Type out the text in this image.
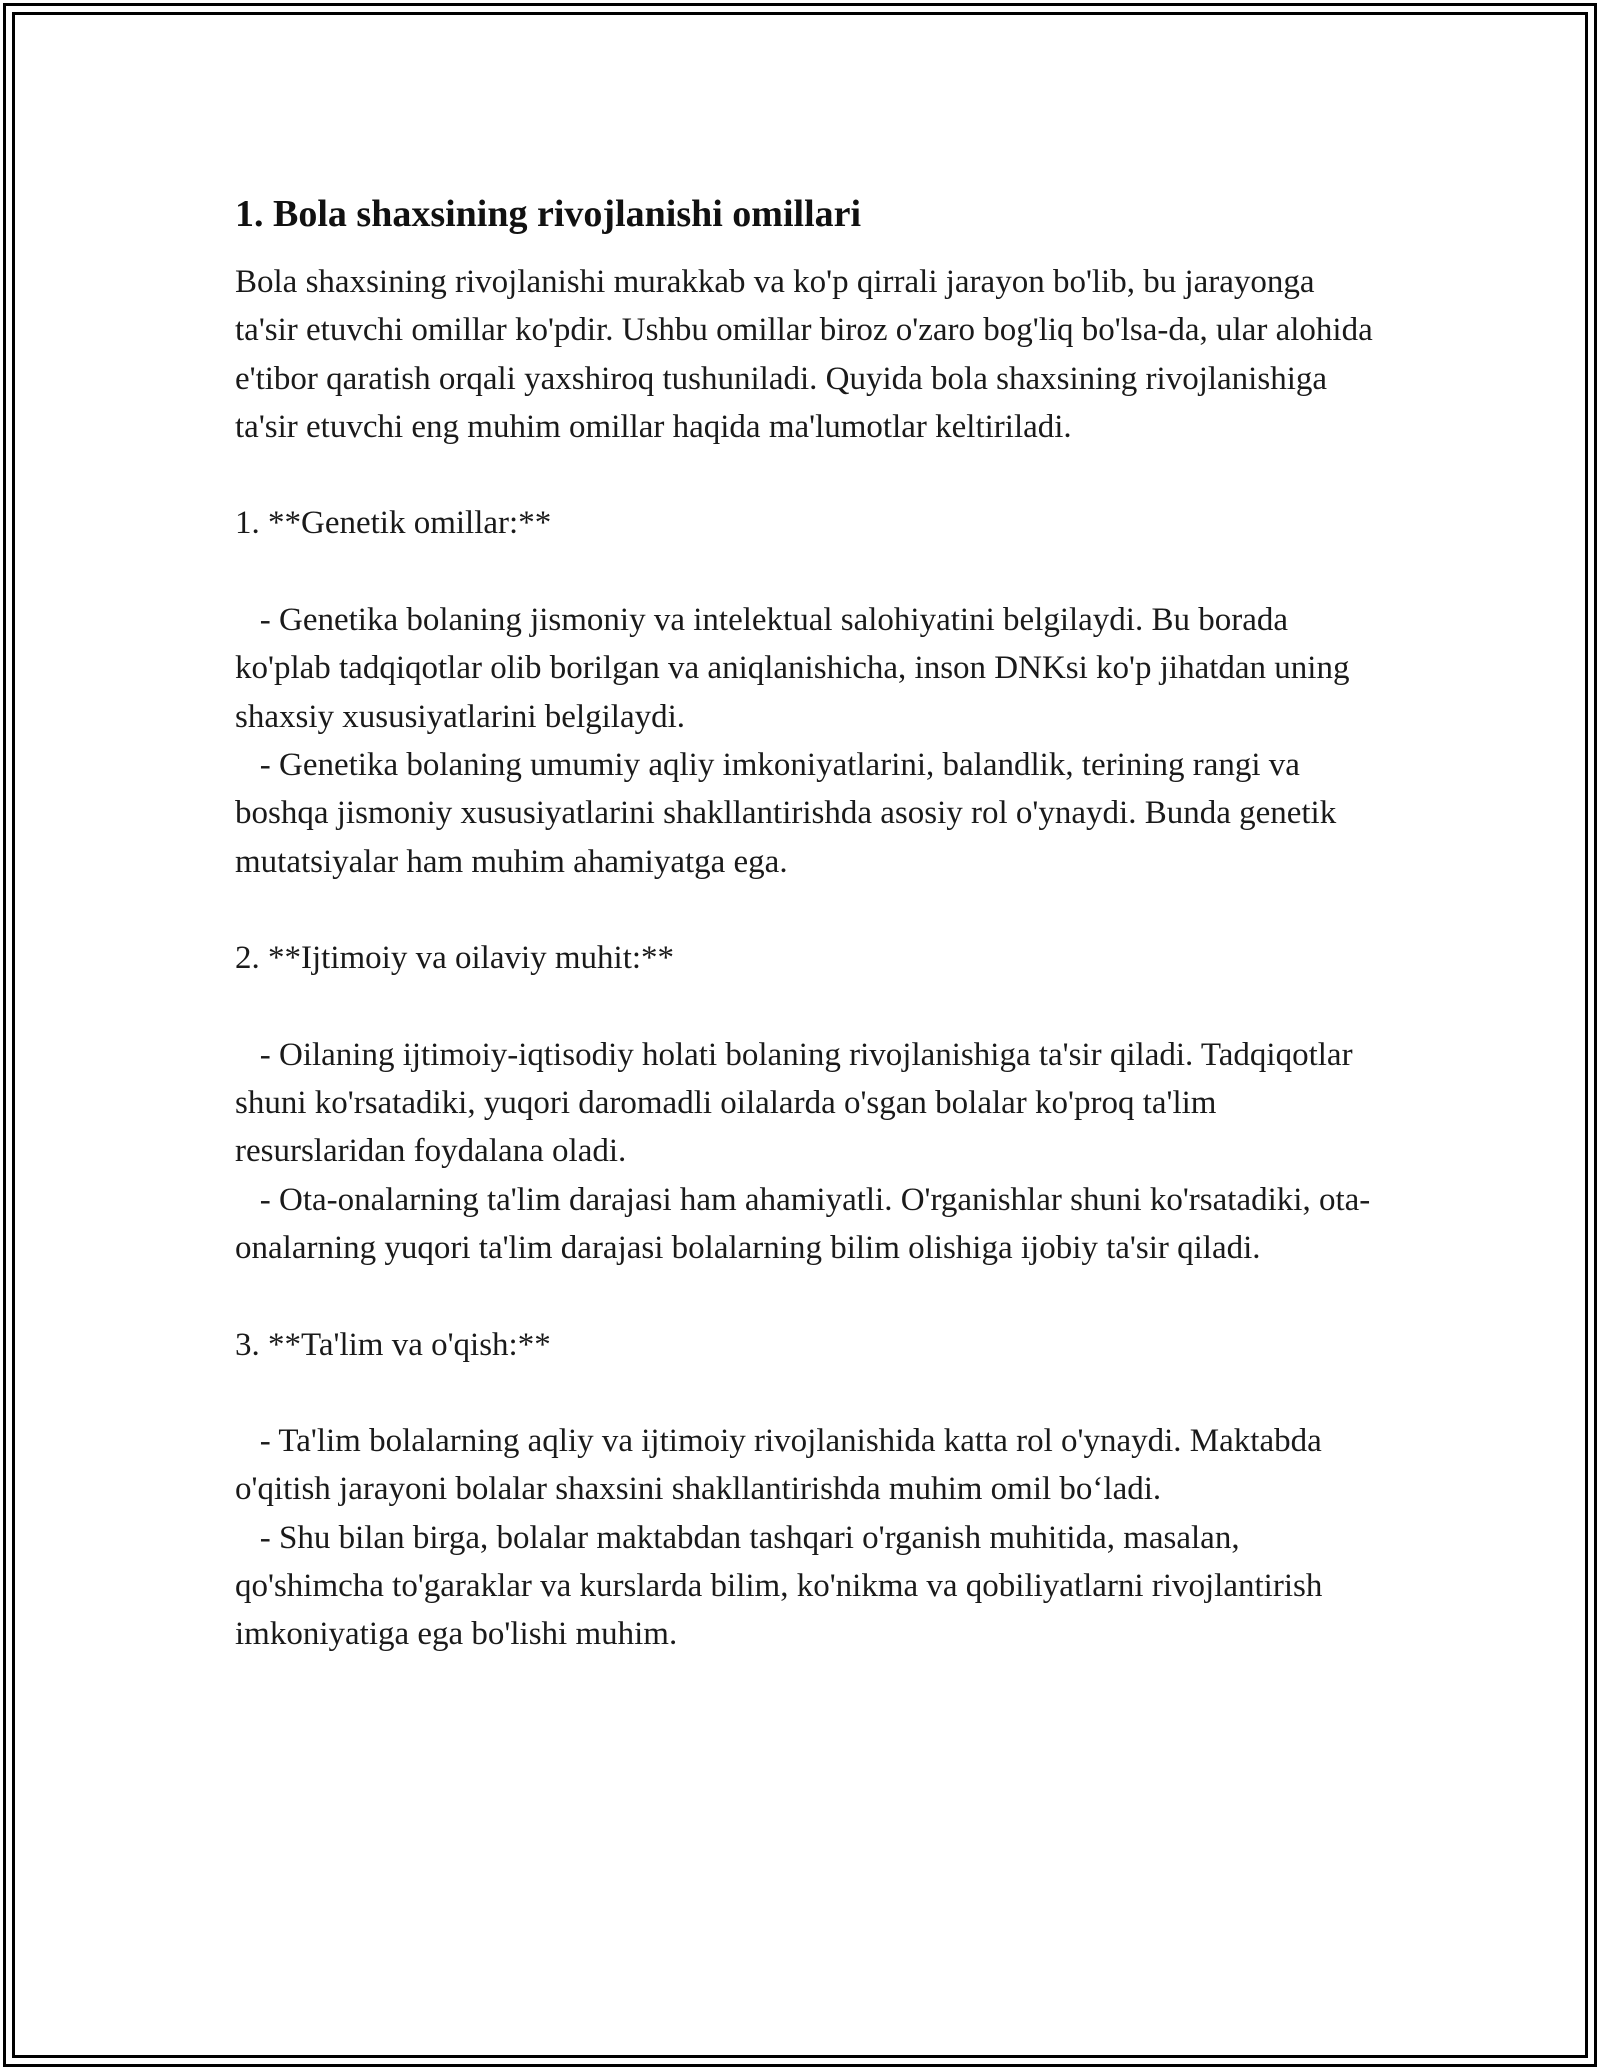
1. Bola shaxsining rivojlanishi omillari

Bola shaxsining rivojlanishi murakkab va ko'p qirrali jarayon bo'lib, bu jarayonga ta'sir etuvchi omillar ko'pdir. Ushbu omillar biroz o'zaro bog'liq bo'lsa-da, ular alohida e'tibor qaratish orqali yaxshiroq tushuniladi. Quyida bola shaxsining rivojlanishiga ta'sir etuvchi eng muhim omillar haqida ma'lumotlar keltiriladi.

1. **Genetik omillar:**

- Genetika bolaning jismoniy va intelektual salohiyatini belgilaydi. Bu borada ko'plab tadqiqotlar olib borilgan va aniqlanishicha, inson DNKsi ko'p jihatdan uning shaxsiy xususiyatlarini belgilaydi.
- Genetika bolaning umumiy aqliy imkoniyatlarini, balandlik, terining rangi va boshqa jismoniy xususiyatlarini shakllantirishda asosiy rol o'ynaydi. Bunda genetik mutatsiyalar ham muhim ahamiyatga ega.

2. **Ijtimoiy va oilaviy muhit:**

- Oilaning ijtimoiy-iqtisodiy holati bolaning rivojlanishiga ta'sir qiladi. Tadqiqotlar shuni ko'rsatadiki, yuqori daromadli oilalarda o'sgan bolalar ko'proq ta'lim resurslaridan foydalana oladi.
- Ota-onalarning ta'lim darajasi ham ahamiyatli. O'rganishlar shuni ko'rsatadiki, ota-onalarning yuqori ta'lim darajasi bolalarning bilim olishiga ijobiy ta'sir qiladi.

3. **Ta'lim va o'qish:**

- Ta'lim bolalarning aqliy va ijtimoiy rivojlanishida katta rol o'ynaydi. Maktabda o'qitish jarayoni bolalar shaxsini shakllantirishda muhim omil bo‘ladi.
- Shu bilan birga, bolalar maktabdan tashqari o'rganish muhitida, masalan, qo'shimcha to'garaklar va kurslarda bilim, ko'nikma va qobiliyatlarni rivojlantirish imkoniyatiga ega bo'lishi muhim.
